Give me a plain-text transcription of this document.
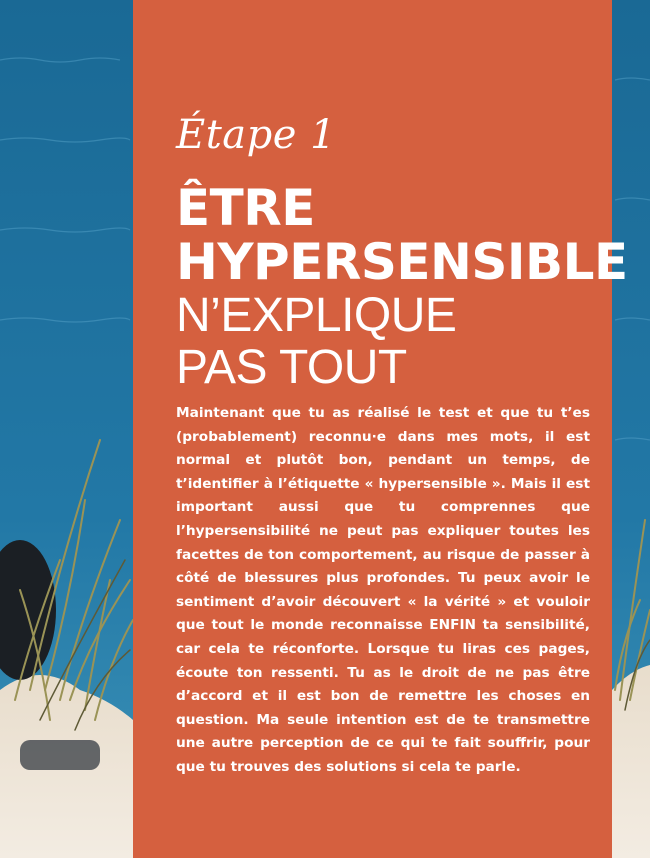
Étape 1
ÊTRE
HYPERSENSIBLE
N’EXPLIQUE
PAS TOUT

Maintenant que tu as réalisé le test et que tu t’es (probablement) reconnu·e dans mes mots, il est normal et plutôt bon, pendant un temps, de t’identifier à l’étiquette « hypersensible ». Mais il est important aussi que tu comprennes que l’hypersensibilité ne peut pas expliquer toutes les facettes de ton comportement, au risque de passer à côté de blessures plus profondes. Tu peux avoir le sentiment d’avoir découvert « la vérité » et vouloir que tout le monde reconnaisse ENFIN ta sensibilité, car cela te réconforte. Lorsque tu liras ces pages, écoute ton ressenti. Tu as le droit de ne pas être d’accord et il est bon de remettre les choses en question. Ma seule intention est de te transmettre une autre perception de ce qui te fait souffrir, pour que tu trouves des solutions si cela te parle.
